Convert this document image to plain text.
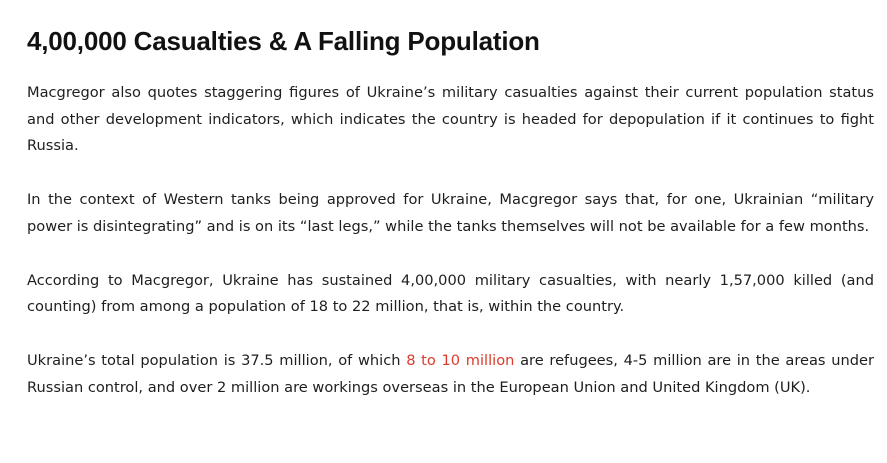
4,00,000 Casualties & A Falling Population

Macgregor also quotes staggering figures of Ukraine’s military casualties against their current population status and other development indicators, which indicates the country is headed for depopulation if it continues to fight Russia.

In the context of Western tanks being approved for Ukraine, Macgregor says that, for one, Ukrainian “military power is disintegrating” and is on its “last legs,” while the tanks themselves will not be available for a few months.

According to Macgregor, Ukraine has sustained 4,00,000 military casualties, with nearly 1,57,000 killed (and counting) from among a population of 18 to 22 million, that is, within the country.

Ukraine’s total population is 37.5 million, of which 8 to 10 million are refugees, 4-5 million are in the areas under Russian control, and over 2 million are workings overseas in the European Union and United Kingdom (UK).
